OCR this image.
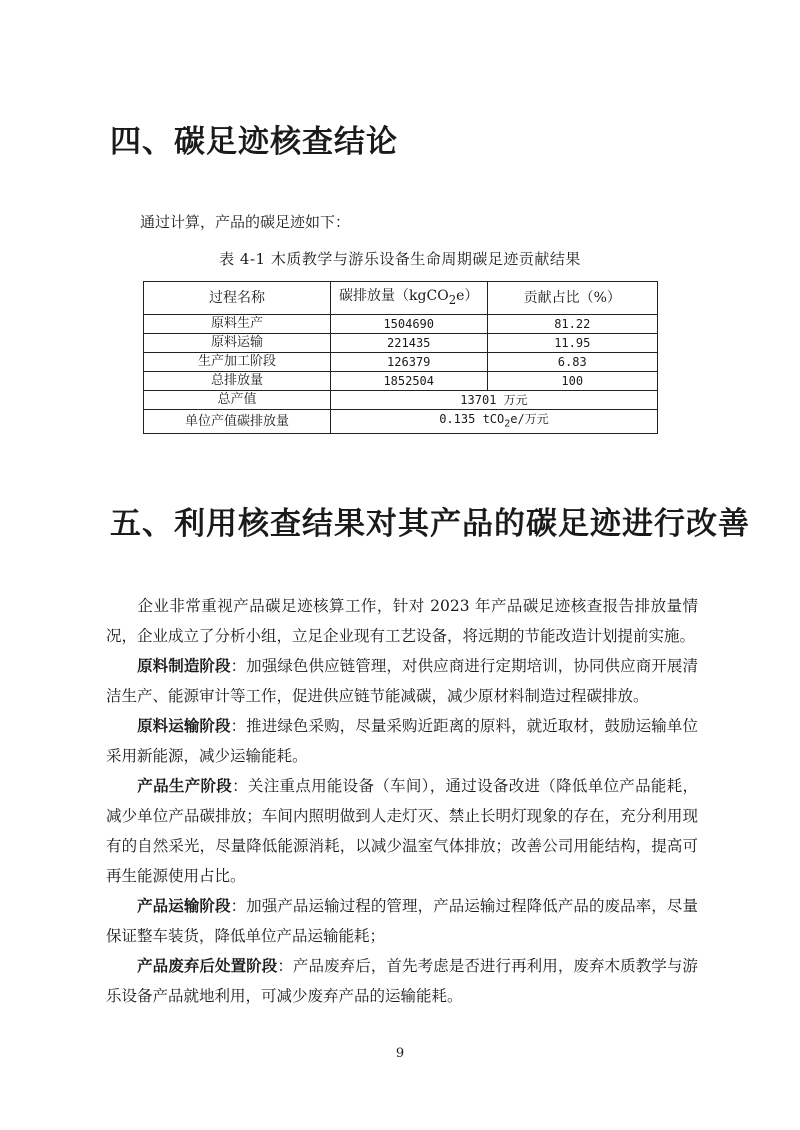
四、碳足迹核查结论
通过计算，产品的碳足迹如下：
表 4-1 木质教学与游乐设备生命周期碳足迹贡献结果
过程名称	碳排放量（kgCO$_2$e）	贡献占比（%）
原料生产	1504690	81.22
原料运输	221435	11.95
生产加工阶段	126379	6.83
总排放量	1852504	100
总产值	13701 万元	
单位产值碳排放量	0.135 tCO$_2$e/万元	
五、利用核查结果对其产品的碳足迹进行改善
企业非常重视产品碳足迹核算工作，针对 2023 年产品碳足迹核查报告排放量情况，企业成立了分析小组，立足企业现有工艺设备，将远期的节能改造计划提前实施。
原料制造阶段：加强绿色供应链管理，对供应商进行定期培训，协同供应商开展清洁生产、能源审计等工作，促进供应链节能减碳，减少原材料制造过程碳排放。
原料运输阶段：推进绿色采购，尽量采购近距离的原料，就近取材，鼓励运输单位采用新能源，减少运输能耗。
产品生产阶段：关注重点用能设备（车间），通过设备改进（降低单位产品能耗，减少单位产品碳排放；车间内照明做到人走灯灭、禁止长明灯现象的存在，充分利用现有的自然采光，尽量降低能源消耗，以减少温室气体排放；改善公司用能结构，提高可再生能源使用占比。
产品运输阶段：加强产品运输过程的管理，产品运输过程降低产品的废品率，尽量保证整车装货，降低单位产品运输能耗；
产品废弃后处置阶段：产品废弃后，首先考虑是否进行再利用，废弃木质教学与游乐设备产品就地利用，可减少废弃产品的运输能耗。
9
